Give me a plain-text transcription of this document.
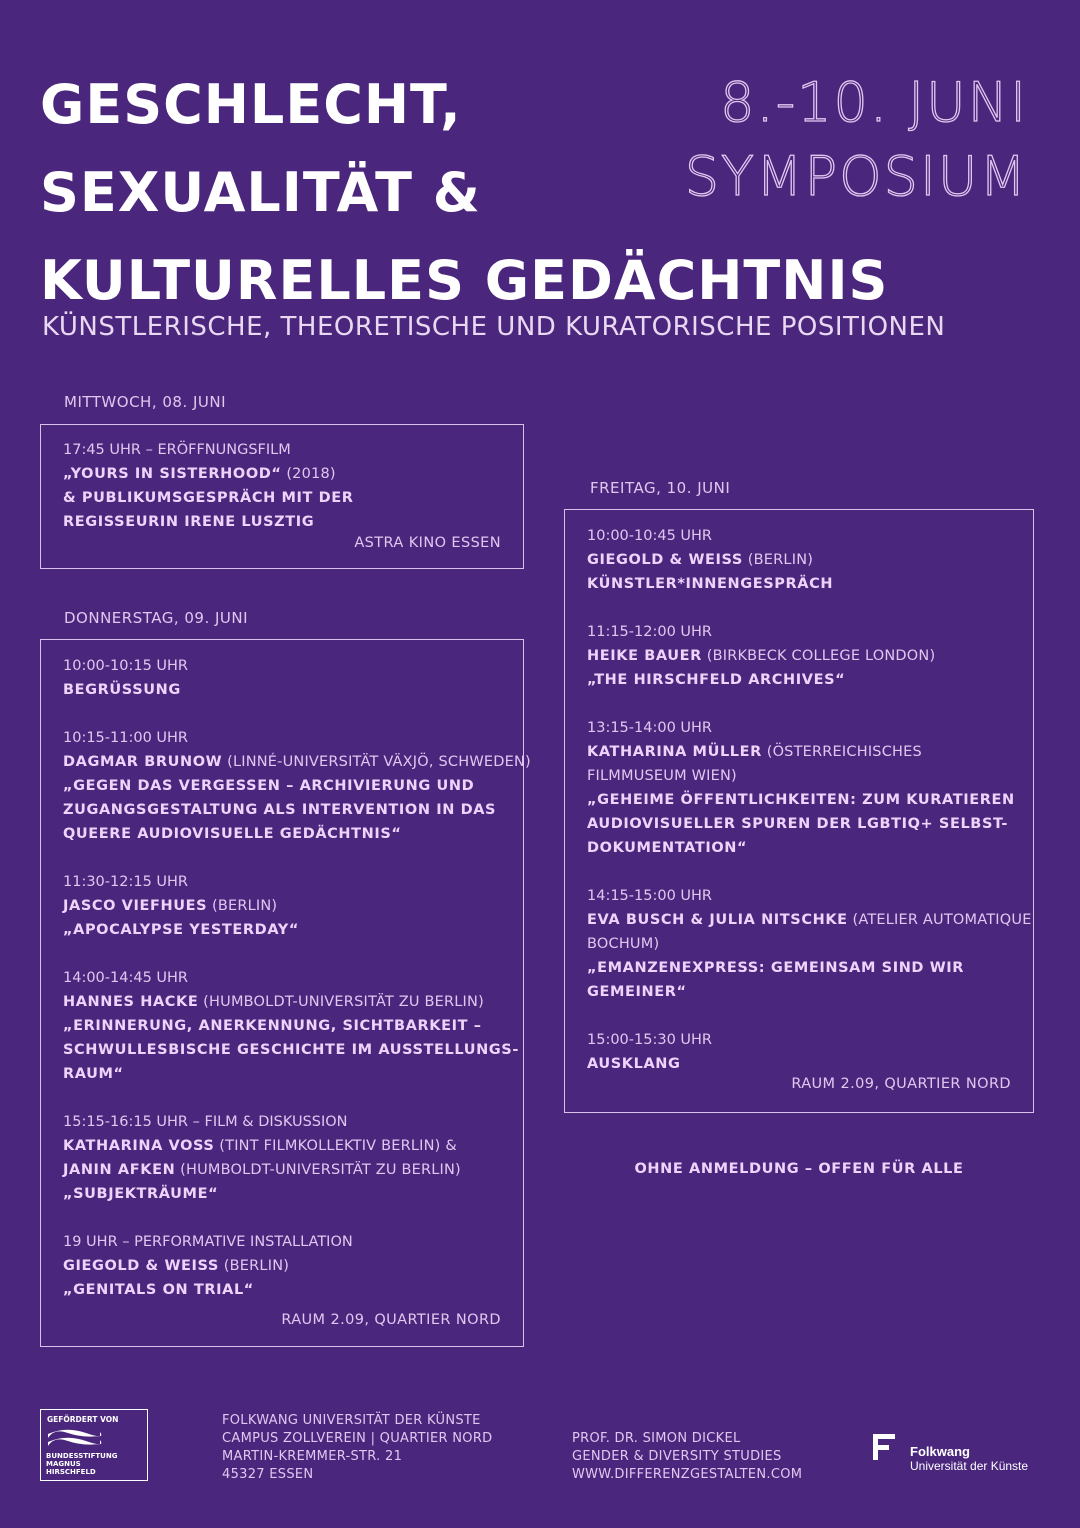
GESCHLECHT,
SEXUALITÄT &
KULTURELLES GEDÄCHTNIS
8.-10. JUNI
SYMPOSIUM
KÜNSTLERISCHE, THEORETISCHE UND KURATORISCHE POSITIONEN
MITTWOCH, 08. JUNI
17:45 UHR – ERÖFFNUNGSFILM
„YOURS IN SISTERHOOD“ (2018)
& PUBLIKUMSGESPRÄCH MIT DER
REGISSEURIN IRENE LUSZTIG
ASTRA KINO ESSEN
DONNERSTAG, 09. JUNI
10:00-10:15 UHR
BEGRÜSSUNG
10:15-11:00 UHR
DAGMAR BRUNOW (LINNÉ-UNIVERSITÄT VÄXJÖ, SCHWEDEN)
„GEGEN DAS VERGESSEN – ARCHIVIERUNG UND
ZUGANGSGESTALTUNG ALS INTERVENTION IN DAS
QUEERE AUDIOVISUELLE GEDÄCHTNIS“
11:30-12:15 UHR
JASCO VIEFHUES (BERLIN)
„APOCALYPSE YESTERDAY“
14:00-14:45 UHR
HANNES HACKE (HUMBOLDT-UNIVERSITÄT ZU BERLIN)
„ERINNERUNG, ANERKENNUNG, SICHTBARKEIT –
SCHWULLESBISCHE GESCHICHTE IM AUSSTELLUNGS-
RAUM“
15:15-16:15 UHR – FILM & DISKUSSION
KATHARINA VOSS (TINT FILMKOLLEKTIV BERLIN) &
JANIN AFKEN (HUMBOLDT-UNIVERSITÄT ZU BERLIN)
„SUBJEKTRÄUME“
19 UHR – PERFORMATIVE INSTALLATION
GIEGOLD & WEISS (BERLIN)
„GENITALS ON TRIAL“
RAUM 2.09, QUARTIER NORD
FREITAG, 10. JUNI
10:00-10:45 UHR
GIEGOLD & WEISS (BERLIN)
KÜNSTLER*INNENGESPRÄCH
11:15-12:00 UHR
HEIKE BAUER (BIRKBECK COLLEGE LONDON)
„THE HIRSCHFELD ARCHIVES“
13:15-14:00 UHR
KATHARINA MÜLLER (ÖSTERREICHISCHES
FILMMUSEUM WIEN)
„GEHEIME ÖFFENTLICHKEITEN: ZUM KURATIEREN
AUDIOVISUELLER SPUREN DER LGBTIQ+ SELBST-
DOKUMENTATION“
14:15-15:00 UHR
EVA BUSCH & JULIA NITSCHKE (ATELIER AUTOMATIQUE
BOCHUM)
„EMANZENEXPRESS: GEMEINSAM SIND WIR
GEMEINER“
15:00-15:30 UHR
AUSKLANG
RAUM 2.09, QUARTIER NORD
OHNE ANMELDUNG – OFFEN FÜR ALLE
GEFÖRDERT VON
BUNDESSTIFTUNG
MAGNUS
HIRSCHFELD
FOLKWANG UNIVERSITÄT DER KÜNSTE
CAMPUS ZOLLVEREIN | QUARTIER NORD
MARTIN-KREMMER-STR. 21
45327 ESSEN
PROF. DR. SIMON DICKEL
GENDER & DIVERSITY STUDIES
WWW.DIFFERENZGESTALTEN.COM
Folkwang
Universität der Künste
